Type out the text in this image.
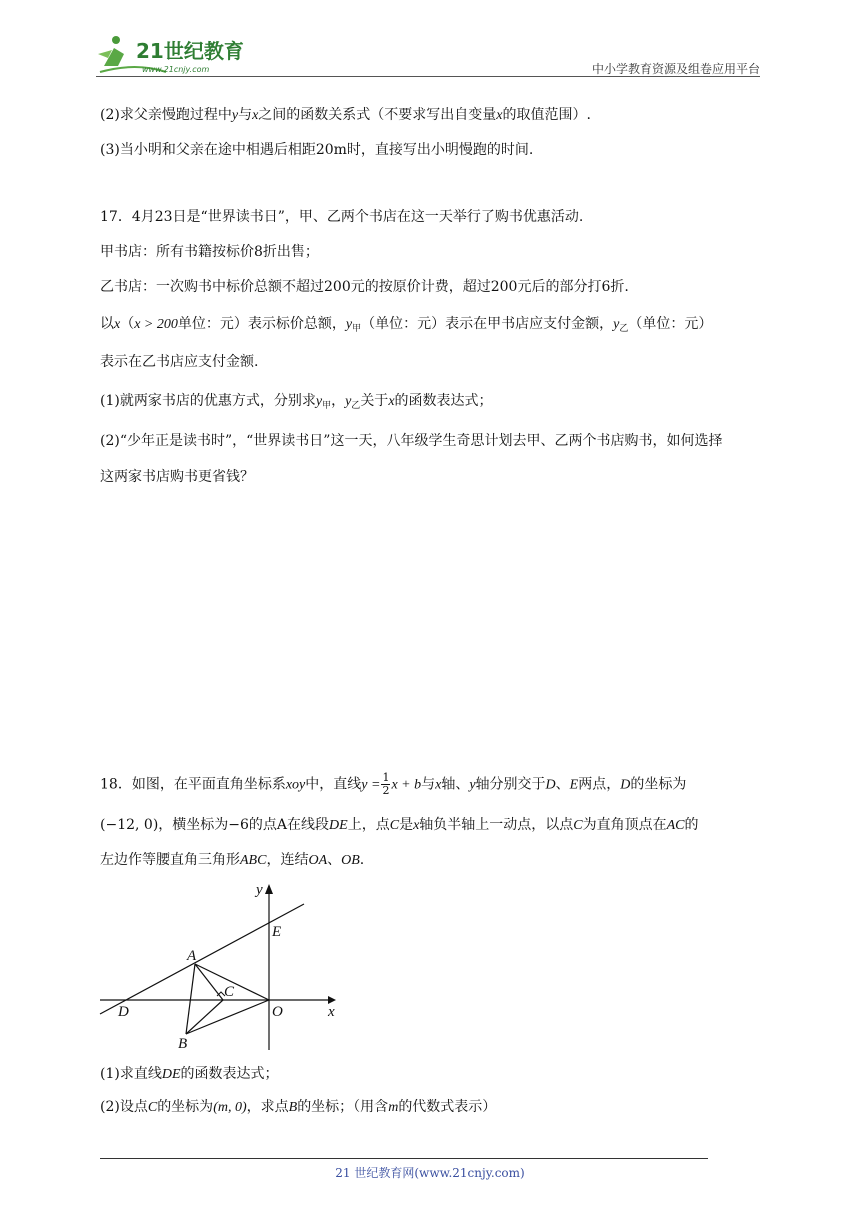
21世纪教育
www.21cnjy.com	中小学教育资源及组卷应用平台
(2)求父亲慢跑过程中y与x之间的函数关系式（不要求写出自变量x的取值范围）.
(3)当小明和父亲在途中相遇后相距20m时，直接写出小明慢跑的时间.
17．4月23日是“世界读书日”，甲、乙两个书店在这一天举行了购书优惠活动.
甲书店：所有书籍按标价8折出售；
乙书店：一次购书中标价总额不超过200元的按原价计费，超过200元后的部分打6折.
以x（x > 200单位：元）表示标价总额，$y_甲$（单位：元）表示在甲书店应支付金额，$y_乙$（单位：元）
表示在乙书店应支付金额.
(1)就两家书店的优惠方式，分别求$y_甲$，$y_乙$关于x的函数表达式；
(2)“少年正是读书时”，“世界读书日”这一天，八年级学生奇思计划去甲、乙两个书店购书，如何选择
这两家书店购书更省钱？
18．如图，在平面直角坐标系xoy中，直线$y = \frac{1}{2}$ x + b与x轴、y轴分别交于D、E两点，D的坐标为
(−12, 0)，横坐标为−6的点A在线段DE上，点C是x轴负半轴上一动点，以点C为直角顶点在AC的
左边作等腰直角三角形ABC，连结OA、OB.
y
x
E
A
C
D	O
B
(1)求直线DE的函数表达式；
(2)设点C的坐标为(m, 0)，求点B的坐标；（用含m的代数式表示）
21 世纪教育网(www.21cnjy.com)
